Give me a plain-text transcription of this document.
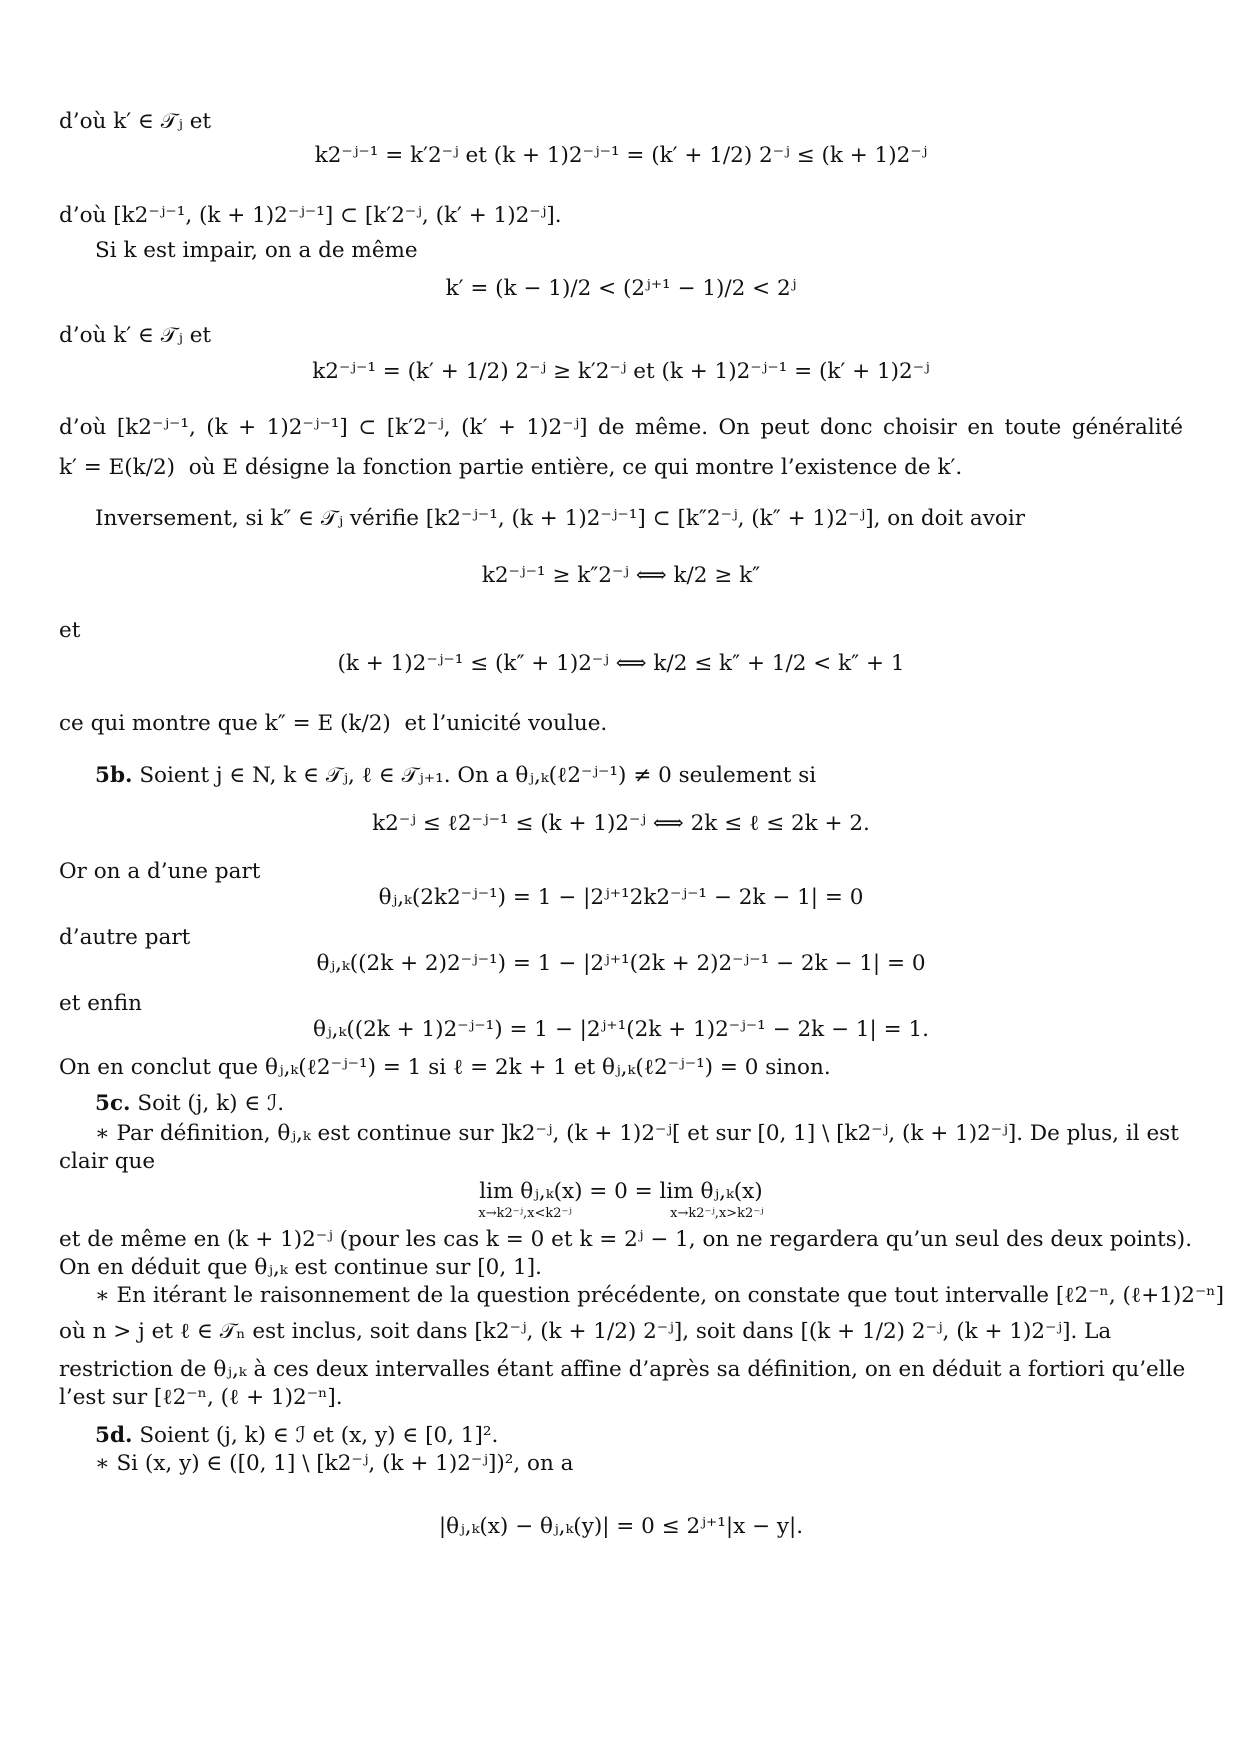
d’où k′ ∈ 𝒯ⱼ et
k2⁻ʲ⁻¹ = k′2⁻ʲ et (k + 1)2⁻ʲ⁻¹ = (k′ + 1/2) 2⁻ʲ ≤ (k + 1)2⁻ʲ
d’où [k2⁻ʲ⁻¹, (k + 1)2⁻ʲ⁻¹] ⊂ [k′2⁻ʲ, (k′ + 1)2⁻ʲ].
Si k est impair, on a de même
k′ = (k − 1)/2 < (2ʲ⁺¹ − 1)/2 < 2ʲ
d’où k′ ∈ 𝒯ⱼ et
k2⁻ʲ⁻¹ = (k′ + 1/2) 2⁻ʲ ≥ k′2⁻ʲ et (k + 1)2⁻ʲ⁻¹ = (k′ + 1)2⁻ʲ
d’où [k2⁻ʲ⁻¹, (k + 1)2⁻ʲ⁻¹] ⊂ [k′2⁻ʲ, (k′ + 1)2⁻ʲ] de même. On peut donc choisir en toute généralité
k′ = E(k/2) où E désigne la fonction partie entière, ce qui montre l’existence de k′.
Inversement, si k″ ∈ 𝒯ⱼ vérifie [k2⁻ʲ⁻¹, (k + 1)2⁻ʲ⁻¹] ⊂ [k″2⁻ʲ, (k″ + 1)2⁻ʲ], on doit avoir
k2⁻ʲ⁻¹ ≥ k″2⁻ʲ ⟺ k/2 ≥ k″
et
(k + 1)2⁻ʲ⁻¹ ≤ (k″ + 1)2⁻ʲ ⟺ k/2 ≤ k″ + 1/2 < k″ + 1
ce qui montre que k″ = E (k/2) et l’unicité voulue.
5b. Soient j ∈ N, k ∈ 𝒯ⱼ, ℓ ∈ 𝒯ⱼ₊₁. On a θⱼ,ₖ(ℓ2⁻ʲ⁻¹) ≠ 0 seulement si
k2⁻ʲ ≤ ℓ2⁻ʲ⁻¹ ≤ (k + 1)2⁻ʲ ⟺ 2k ≤ ℓ ≤ 2k + 2.
Or on a d’une part
θⱼ,ₖ(2k2⁻ʲ⁻¹) = 1 − |2ʲ⁺¹2k2⁻ʲ⁻¹ − 2k − 1| = 0
d’autre part
θⱼ,ₖ((2k + 2)2⁻ʲ⁻¹) = 1 − |2ʲ⁺¹(2k + 2)2⁻ʲ⁻¹ − 2k − 1| = 0
et enfin
θⱼ,ₖ((2k + 1)2⁻ʲ⁻¹) = 1 − |2ʲ⁺¹(2k + 1)2⁻ʲ⁻¹ − 2k − 1| = 1.
On en conclut que θⱼ,ₖ(ℓ2⁻ʲ⁻¹) = 1 si ℓ = 2k + 1 et θⱼ,ₖ(ℓ2⁻ʲ⁻¹) = 0 sinon.
5c. Soit (j, k) ∈ ℐ.
∗ Par définition, θⱼ,ₖ est continue sur ]k2⁻ʲ, (k + 1)2⁻ʲ[ et sur [0, 1] \ [k2⁻ʲ, (k + 1)2⁻ʲ]. De plus, il est
clair que
lim θⱼ,ₖ(x) = 0 = lim θⱼ,ₖ(x)
x→k2⁻ʲ,x<k2⁻ʲ	x→k2⁻ʲ,x>k2⁻ʲ
et de même en (k + 1)2⁻ʲ (pour les cas k = 0 et k = 2ʲ − 1, on ne regardera qu’un seul des deux points).
On en déduit que θⱼ,ₖ est continue sur [0, 1].
∗ En itérant le raisonnement de la question précédente, on constate que tout intervalle [ℓ2⁻ⁿ, (ℓ+1)2⁻ⁿ]
où n > j et ℓ ∈ 𝒯ₙ est inclus, soit dans [k2⁻ʲ, (k + 1/2) 2⁻ʲ], soit dans [(k + 1/2) 2⁻ʲ, (k + 1)2⁻ʲ]. La
restriction de θⱼ,ₖ à ces deux intervalles étant affine d’après sa définition, on en déduit a fortiori qu’elle
l’est sur [ℓ2⁻ⁿ, (ℓ + 1)2⁻ⁿ].
5d. Soient (j, k) ∈ ℐ et (x, y) ∈ [0, 1]².
∗ Si (x, y) ∈ ([0, 1] \ [k2⁻ʲ, (k + 1)2⁻ʲ])², on a
|θⱼ,ₖ(x) − θⱼ,ₖ(y)| = 0 ≤ 2ʲ⁺¹|x − y|.
